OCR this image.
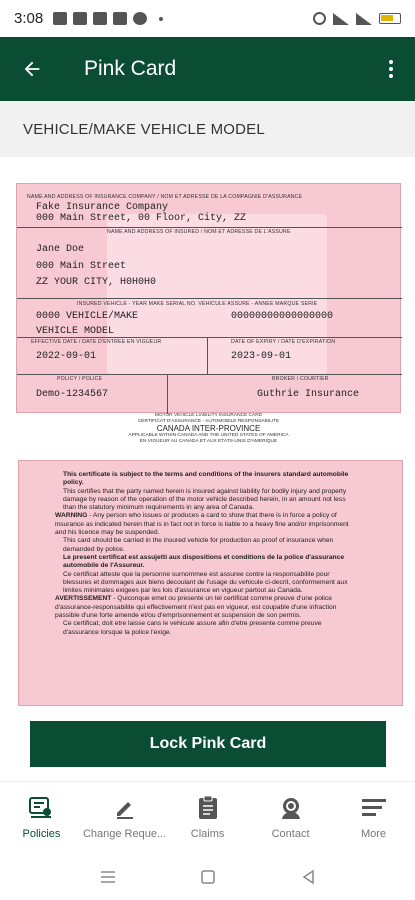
3:08
Pink Card
VEHICLE/MAKE VEHICLE MODEL
NAME AND ADDRESS OF INSURANCE COMPANY / NOM ET ADRESSE DE LA COMPAGNIE D'ASSURANCE
Fake Insurance Company
000 Main Street, 00 Floor, City, ZZ
NAME AND ADDRESS OF INSURED / NOM ET ADRESSE DE L'ASSURE
Jane Doe
000 Main Street
ZZ YOUR CITY, H0H0H0
INSURED VEHICLE - YEAR MAKE SERIAL NO. VEHICULE ASSURE - ANNEE MARQUE SERIE
0000 VEHICLE/MAKE
VEHICLE MODEL
00000000000000000
EFFECTIVE DATE / DATE D'ENTREE EN VIGUEUR
2022-09-01
DATE OF EXPIRY / DATE D'EXPIRATION
2023-09-01
POLICY / POLICE
Demo-1234567
BROKER / COURTIER
Guthrie Insurance
MOTOR VEHICLE LIABILITY INSURANCE CARD
CERTIFICAT D'ASSURANCE - AUTOMOBILE RESPONSABILITE
CANADA INTER-PROVINCE
APPLICABLE WITHIN CANADA AND THE UNITED STATES OF AMERICA
EN VIGUEUR AU CANADA ET AUX ETATS-UNIS D'AMERIQUE
This certificate is subject to the terms and conditions of the insurers standard automobile policy.
This certifies that the party named herein is insured against liability for bodily injury and property damage by reason of the operation of the motor vehicle described herein, in an amount not less than the statutory minimum requirements in any area of Canada.
WARNING - Any person who issues or produces a card to show that there is in force a policy of insurance as indicated herein that is in fact not in force is liable to a heavy fine and/or imprisonment and his licence may be suspended.
This card should be carried in the insured vehicle for production as proof of insurance when demanded by police.
Le present certificat est assujetti aux dispositions et conditions de la police d'assurance automobile de l'Assureur.
Ce certificat atteste que la personne surnommee est assuree contre la responsabilite pour blessures et dommages aux biens decoulant de l'usage du vehicule ci-decrit, conformement aux limites minimales exigees par les lois d'assurance en vigueur partout au Canada.
AVERTISSEMENT - Quiconque emet ou presente un tel certificat comme preuve d'une police d'assurance-responsabilite qui effectivement n'est pas en vigueur, est coupable d'une infraction passible d'une forte amende et/ou d'emprisonnement et suspension de son permis.
Ce certificat, doit etre laisse cans le vehicule assure afin d'etre presente comme preuve d'assurance lorsque la police l'exige.
Lock Pink Card
Policies Change Reque... Claims	Contact	More
